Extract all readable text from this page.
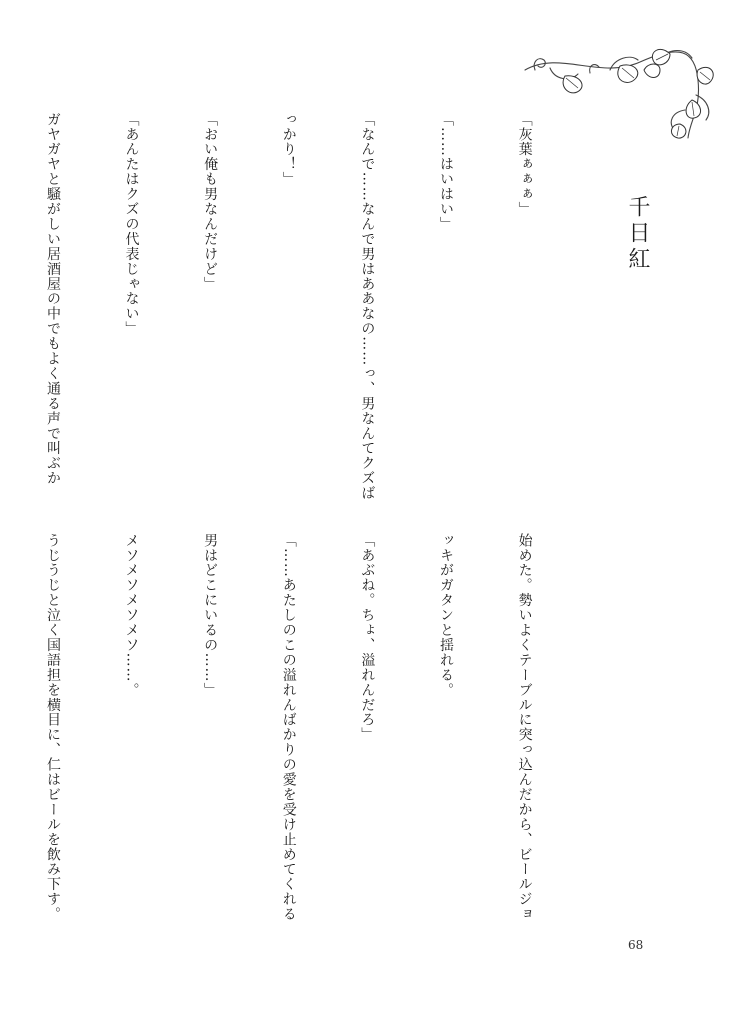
千日紅

「灰葉ぁぁぁ」

「……はいはい」

「なんで……なんで男はああなの……っ、男なんてクズば

っかり！」

「おい俺も男なんだけど」

「あんたはクズの代表じゃない」

ガヤガヤと騒がしい居酒屋の中でもよく通る声で叫ぶか

始めた。勢いよくテーブルに突っ込んだから、ビールジョ

ッキがガタンと揺れる。

「あぶね。ちょ、溢れんだろ」

「……あたしのこの溢れんばかりの愛を受け止めてくれる

男はどこにいるの……」

メソメソメソメソ……。

うじうじと泣く国語担を横目に、仁はビールを飲み下す。

68
